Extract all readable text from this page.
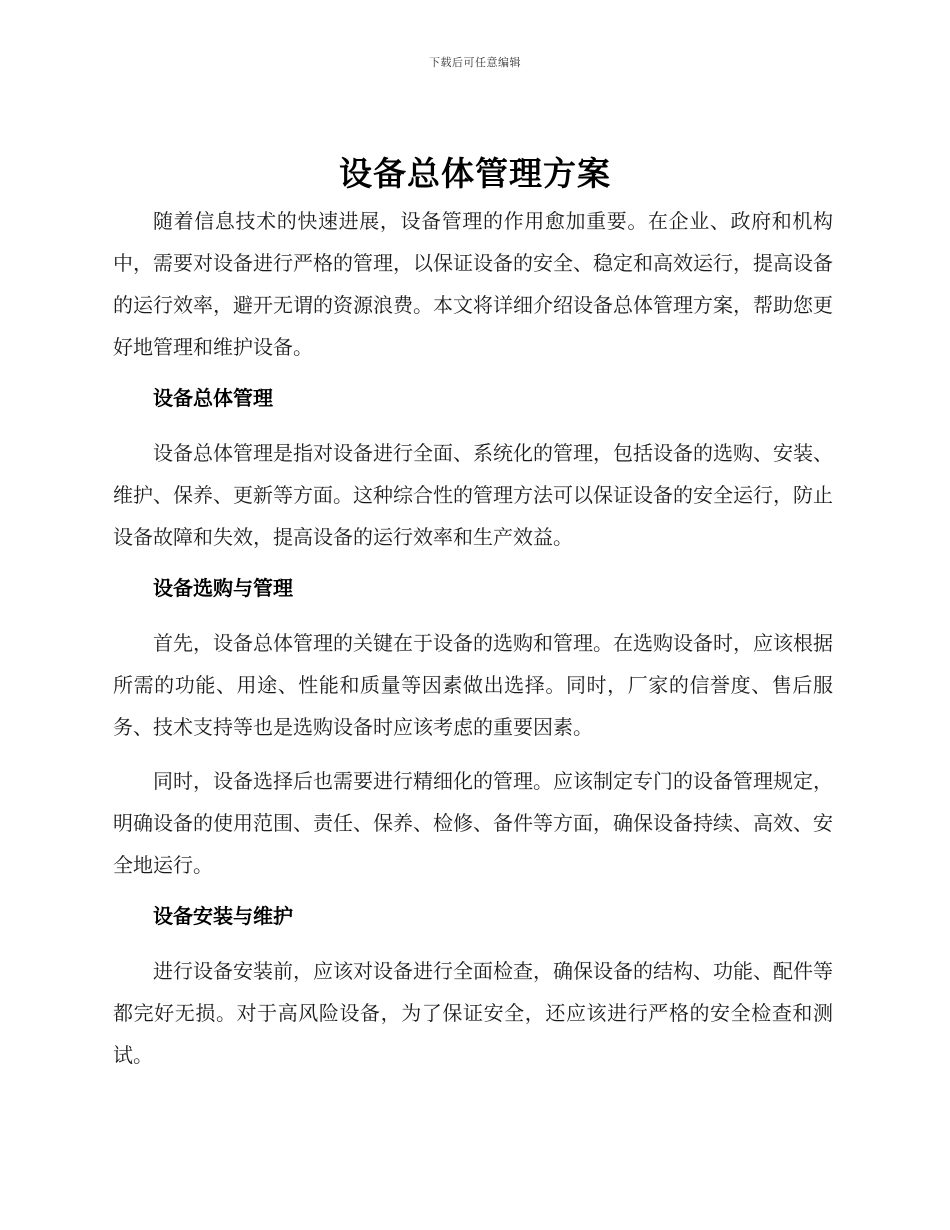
下载后可任意编辑
设备总体管理方案

随着信息技术的快速进展，设备管理的作用愈加重要。在企业、政府和机构中，需要对设备进行严格的管理，以保证设备的安全、稳定和高效运行，提高设备的运行效率，避开无谓的资源浪费。本文将详细介绍设备总体管理方案，帮助您更好地管理和维护设备。

设备总体管理

设备总体管理是指对设备进行全面、系统化的管理，包括设备的选购、安装、维护、保养、更新等方面。这种综合性的管理方法可以保证设备的安全运行，防止设备故障和失效，提高设备的运行效率和生产效益。

设备选购与管理

首先，设备总体管理的关键在于设备的选购和管理。在选购设备时，应该根据所需的功能、用途、性能和质量等因素做出选择。同时，厂家的信誉度、售后服务、技术支持等也是选购设备时应该考虑的重要因素。

同时，设备选择后也需要进行精细化的管理。应该制定专门的设备管理规定，明确设备的使用范围、责任、保养、检修、备件等方面，确保设备持续、高效、安全地运行。

设备安装与维护

进行设备安装前，应该对设备进行全面检查，确保设备的结构、功能、配件等都完好无损。对于高风险设备，为了保证安全，还应该进行严格的安全检查和测试。
